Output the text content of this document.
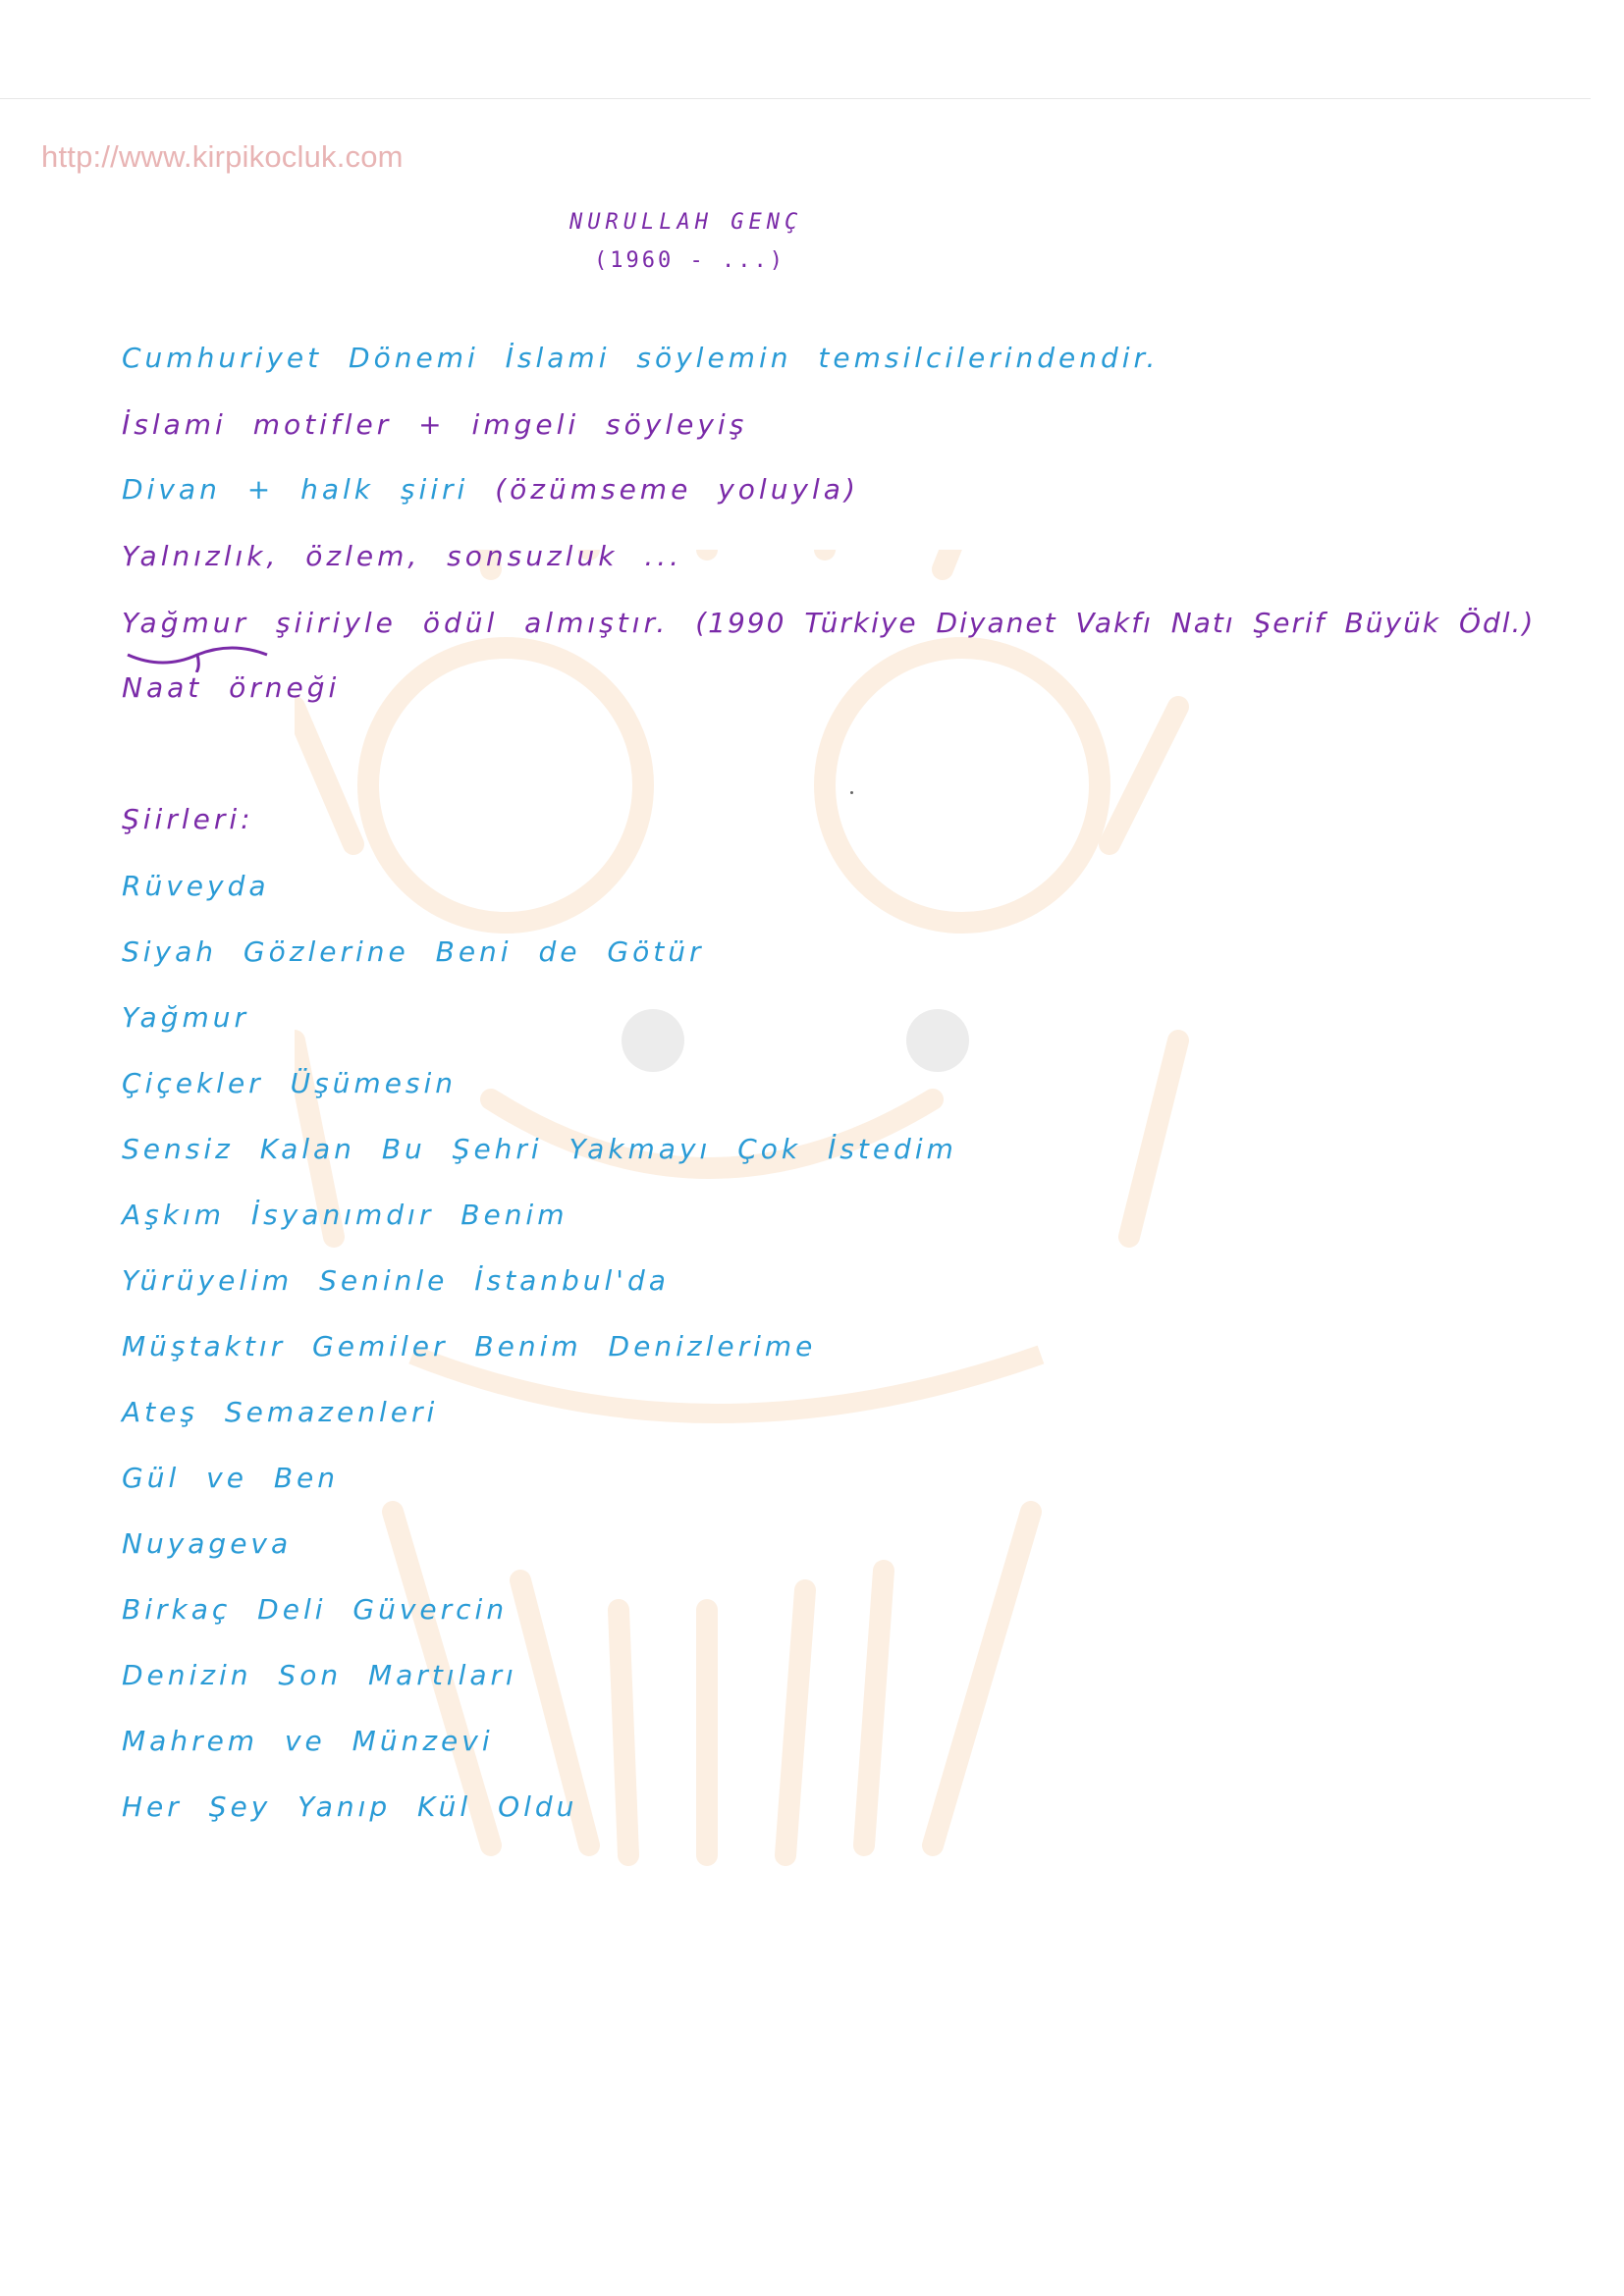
http://www.kirpikocluk.com
NURULLAH GENÇ
(1960 - ...)

Cumhuriyet Dönemi İslami söylemin temsilcilerindendir.

İslami motifler + imgeli söyleyiş

Divan + halk şiiri (özümseme yoluyla)

Yalnızlık, özlem, sonsuzluk ...

Yağmur şiiriyle ödül almıştır. (1990 Türkiye Diyanet Vakfı Natı Şerif Büyük Ödl.)

Naat örneği

Şiirleri:

Rüveyda

Siyah Gözlerine Beni de Götür

Yağmur

Çiçekler Üşümesin

Sensiz Kalan Bu Şehri Yakmayı Çok İstedim

Aşkım İsyanımdır Benim

Yürüyelim Seninle İstanbul'da

Müştaktır Gemiler Benim Denizlerime

Ateş Semazenleri

Gül ve Ben

Nuyageva

Birkaç Deli Güvercin

Denizin Son Martıları

Mahrem ve Münzevi

Her Şey Yanıp Kül Oldu
